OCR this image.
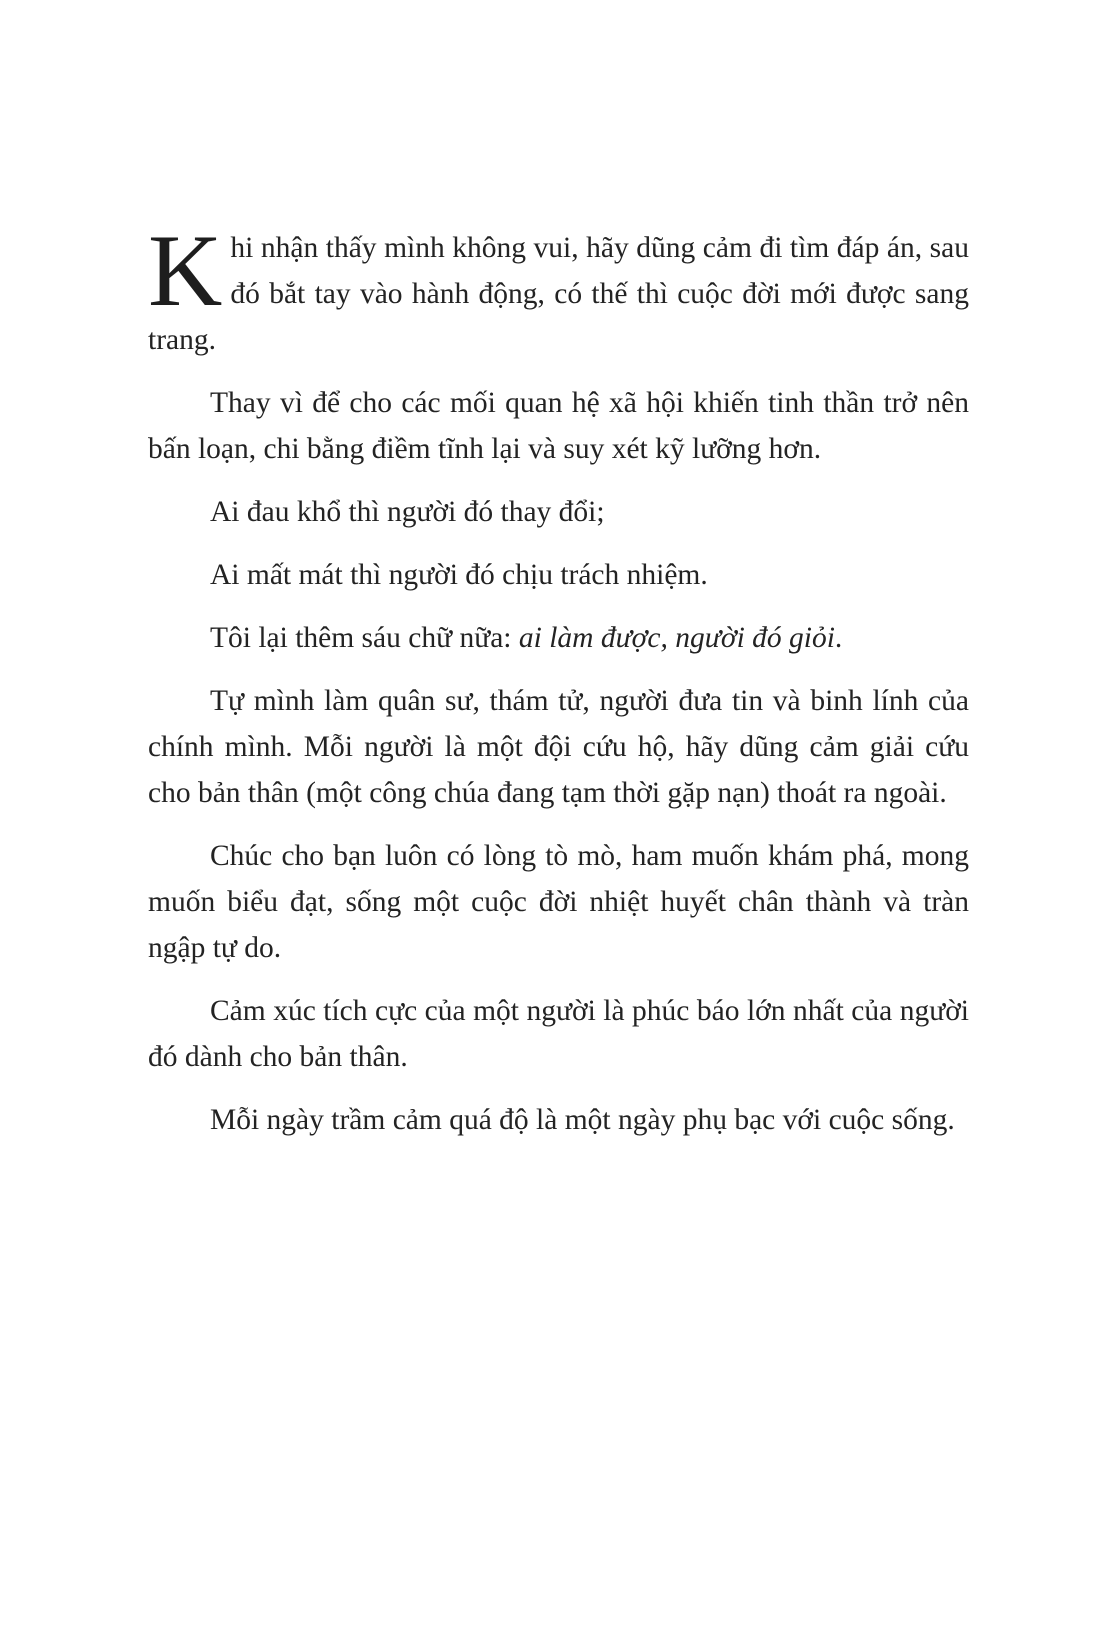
Khi nhận thấy mình không vui, hãy dũng cảm đi tìm đáp án, sau đó bắt tay vào hành động, có thế thì cuộc đời mới được sang trang.

Thay vì để cho các mối quan hệ xã hội khiến tinh thần trở nên bấn loạn, chi bằng điềm tĩnh lại và suy xét kỹ lưỡng hơn.

Ai đau khổ thì người đó thay đổi;

Ai mất mát thì người đó chịu trách nhiệm.

Tôi lại thêm sáu chữ nữa: ai làm được, người đó giỏi.

Tự mình làm quân sư, thám tử, người đưa tin và binh lính của chính mình. Mỗi người là một đội cứu hộ, hãy dũng cảm giải cứu cho bản thân (một công chúa đang tạm thời gặp nạn) thoát ra ngoài.

Chúc cho bạn luôn có lòng tò mò, ham muốn khám phá, mong muốn biểu đạt, sống một cuộc đời nhiệt huyết chân thành và tràn ngập tự do.

Cảm xúc tích cực của một người là phúc báo lớn nhất của người đó dành cho bản thân.

Mỗi ngày trầm cảm quá độ là một ngày phụ bạc với cuộc sống.
